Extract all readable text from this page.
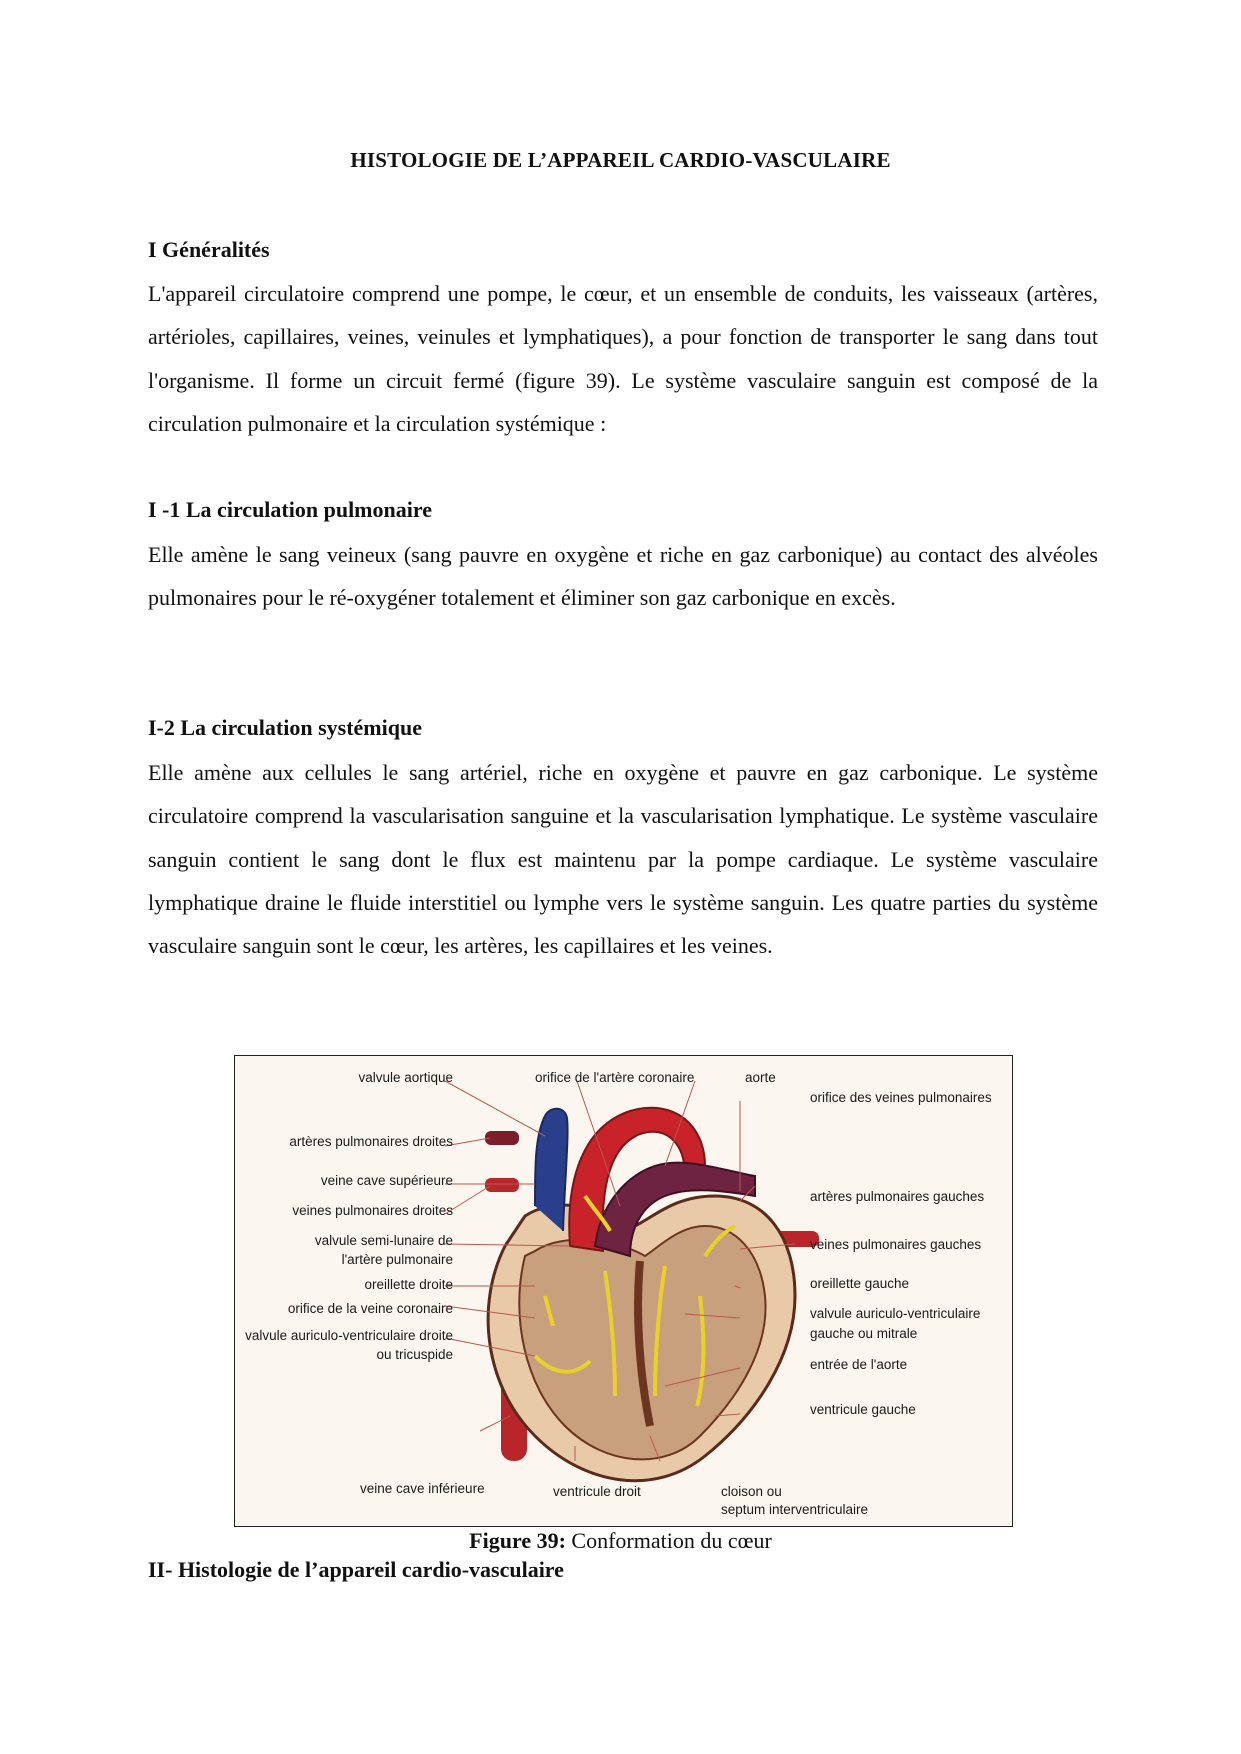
HISTOLOGIE DE L’APPAREIL CARDIO-VASCULAIRE
I Généralités

L'appareil circulatoire comprend une pompe, le cœur, et un ensemble de conduits, les vaisseaux (artères, artérioles, capillaires, veines, veinules et lymphatiques), a pour fonction de transporter le sang dans tout l'organisme. Il forme un circuit fermé (figure 39). Le système vasculaire sanguin est composé de la circulation pulmonaire et la circulation systémique :

I -1 La circulation pulmonaire

Elle amène le sang veineux (sang pauvre en oxygène et riche en gaz carbonique) au contact des alvéoles pulmonaires pour le ré-oxygéner totalement et éliminer son gaz carbonique en excès.

I-2 La circulation systémique

Elle amène aux cellules le sang artériel, riche en oxygène et pauvre en gaz carbonique. Le système circulatoire comprend la vascularisation sanguine et la vascularisation lymphatique. Le système vasculaire sanguin contient le sang dont le flux est maintenu par la pompe cardiaque. Le système vasculaire lymphatique draine le fluide interstitiel ou lymphe vers le système sanguin. Les quatre parties du système vasculaire sanguin sont le cœur, les artères, les capillaires et les veines.

valvule aortique
artères pulmonaires droites
veine cave supérieure
veines pulmonaires droites
valvule semi-lunaire de
l'artère pulmonaire
oreillette droite
orifice de la veine coronaire
valvule auriculo-ventriculaire droite
ou tricuspide
orifice de l'artère coronaire	aorte
orifice des veines pulmonaires
artères pulmonaires gauches
veines pulmonaires gauches
oreillette gauche
valvule auriculo-ventriculaire
gauche ou mitrale
entrée de l'aorte
ventricule gauche
veine cave inférieure	ventricule droit	cloison ou
septum interventriculaire
Figure 39: Conformation du cœur
II- Histologie de l’appareil cardio-vasculaire
